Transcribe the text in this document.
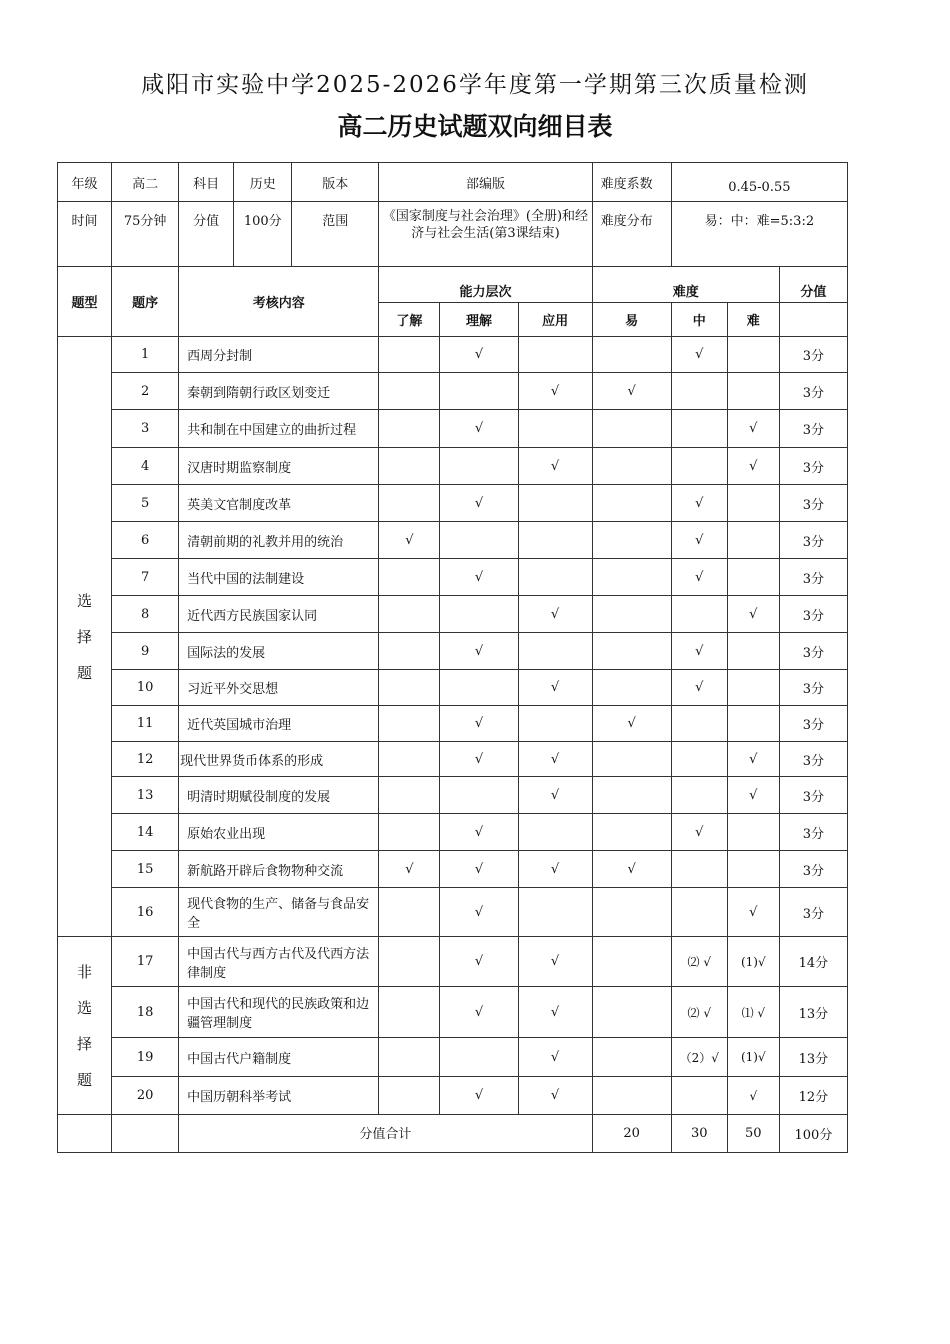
咸阳市实验中学2025-2026学年度第一学期第三次质量检测
高二历史试题双向细目表
年级	高二	科目	历史	版本	部编版			难度系数	0.45-0.55		
时间	75分钟	分值	100分	范围	《国家制度与社会治理》(全册)和经济与社会生活(第3课结束)			难度分布	易：中：难=5:3:2		
题型	题序	考核内容			能力层次			难度			分值
					了解	理解	应用	易	中	难	
选择题	1	西周分封制				√			√		3分
	2	秦朝到隋朝行政区划变迁					√	√			3分
	3	共和制在中国建立的曲折过程				√				√	3分
	4	汉唐时期监察制度					√			√	3分
	5	英美文官制度改革				√			√		3分
	6	清朝前期的礼教并用的统治			√				√		3分
	7	当代中国的法制建设				√			√		3分
	8	近代西方民族国家认同					√			√	3分
	9	国际法的发展				√			√		3分
	10	习近平外交思想					√		√		3分
	11	近代英国城市治理				√		√			3分
	12	现代世界货币体系的形成				√	√			√	3分
	13	明清时期赋役制度的发展					√			√	3分
	14	原始农业出现				√			√		3分
	15	新航路开辟后食物物种交流			√	√	√	√			3分
	16	现代食物的生产、储备与食品安全				√				√	3分
非选择题	17	中国古代与西方古代及代西方法律制度				√	√		⑵ √	(1)√	14分
	18	中国古代和现代的民族政策和边疆管理制度				√	√		⑵ √	⑴ √	13分
	19	中国古代户籍制度					√		（2）√	(1)√	13分
	20	中国历朝科举考试				√	√			√	12分
		分值合计						20	30	50	100分
